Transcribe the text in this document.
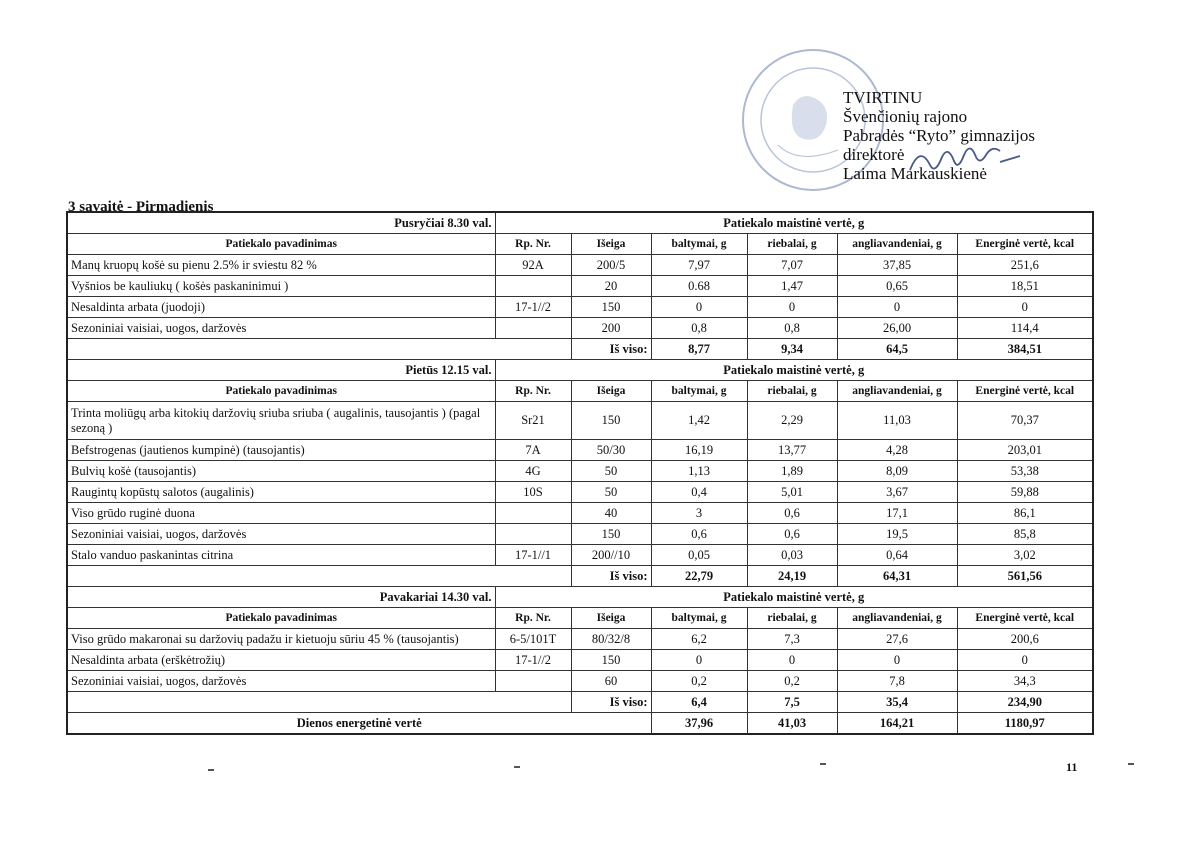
TVIRTINU
Švenčionių rajono
Pabradės “Ryto” gimnazijos
direktorė
Laima Markauskienė
3 savaitė - Pirmadienis
Pusryčiai 8.30 val.	Patiekalo maistinė vertė, g					
Patiekalo pavadinimas	Rp. Nr.	Išeiga	baltymai, g	riebalai, g	angliavandeniai, g	Energinė vertė, kcal
Manų kruopų košė su pienu 2.5% ir sviestu 82 %	92A	200/5	7,97	7,07	37,85	251,6
Vyšnios be kauliukų ( košės paskaninimui )		20	0.68	1,47	0,65	18,51
Nesaldinta arbata (juodoji)	17-1//2	150	0	0	0	0
Sezoniniai vaisiai, uogos, daržovės		200	0,8	0,8	26,00	114,4
		Iš viso:	8,77	9,34	64,5	384,51
Pietūs 12.15 val.	Patiekalo maistinė vertė, g					
Patiekalo pavadinimas	Rp. Nr.	Išeiga	baltymai, g	riebalai, g	angliavandeniai, g	Energinė vertė, kcal
Trinta moliūgų arba kitokių daržovių sriuba sriuba ( augalinis, tausojantis ) (pagal sezoną )	Sr21	150	1,42	2,29	11,03	70,37
Befstrogenas (jautienos kumpinė) (tausojantis)	7A	50/30	16,19	13,77	4,28	203,01
Bulvių košė (tausojantis)	4G	50	1,13	1,89	8,09	53,38
Raugintų kopūstų salotos (augalinis)	10S	50	0,4	5,01	3,67	59,88
Viso grūdo ruginė duona		40	3	0,6	17,1	86,1
Sezoniniai vaisiai, uogos, daržovės		150	0,6	0,6	19,5	85,8
Stalo vanduo paskanintas citrina	17-1//1	200//10	0,05	0,03	0,64	3,02
		Iš viso:	22,79	24,19	64,31	561,56
Pavakariai 14.30 val.	Patiekalo maistinė vertė, g					
Patiekalo pavadinimas	Rp. Nr.	Išeiga	baltymai, g	riebalai, g	angliavandeniai, g	Energinė vertė, kcal
Viso grūdo makaronai su daržovių padažu ir kietuoju sūriu 45 % (tausojantis)	6-5/101T	80/32/8	6,2	7,3	27,6	200,6
Nesaldinta arbata (erškėtrožių)	17-1//2	150	0	0	0	0
Sezoniniai vaisiai, uogos, daržovės		60	0,2	0,2	7,8	34,3
		Iš viso:	6,4	7,5	35,4	234,90
Dienos energetinė vertė			37,96	41,03	164,21	1180,97
11
